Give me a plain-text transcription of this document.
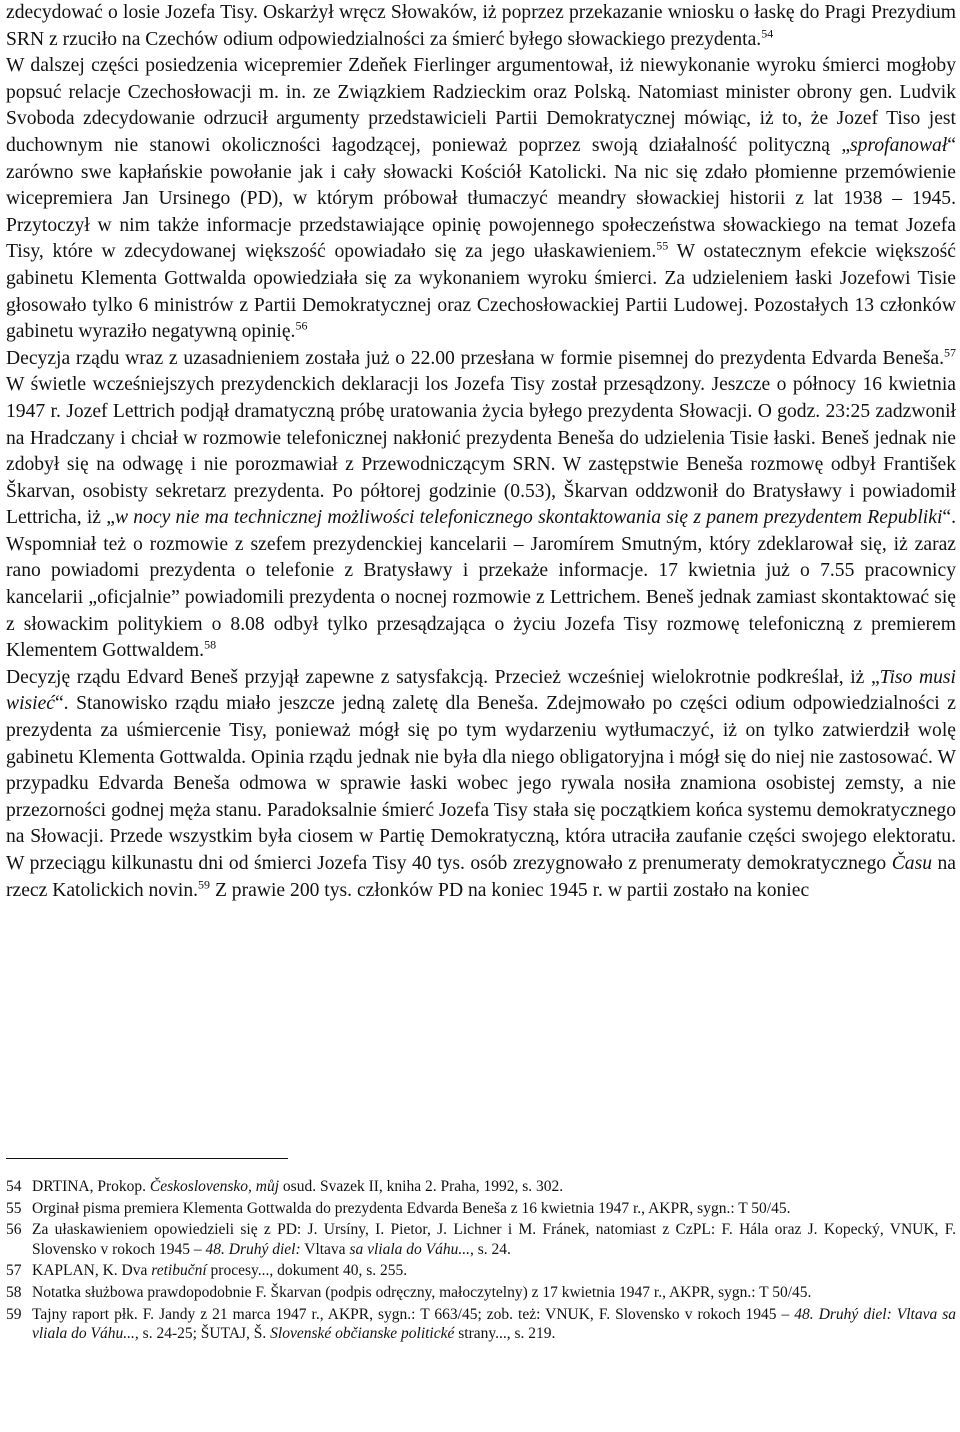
zdecydować o losie Jozefa Tisy. Oskarżył wręcz Słowaków, iż poprzez przekazanie wniosku o łaskę do Pragi Prezydium SRN z rzuciło na Czechów odium odpowiedzialności za śmierć byłego słowackiego prezydenta.$^{54}$
W dalszej części posiedzenia wicepremier Zdeňek Fierlinger argumentował, iż niewykonanie wyroku śmierci mogłoby popsuć relacje Czechosłowacji m. in. ze Związkiem Radzieckim oraz Polską. Natomiast minister obrony gen. Ludvik Svoboda zdecydowanie odrzucił argumenty przedstawicieli Partii Demokratycznej mówiąc, iż to, że Jozef Tiso jest duchownym nie stanowi okoliczności łagodzącej, ponieważ poprzez swoją działalność polityczną „sprofanował“ zarówno swe kapłańskie powołanie jak i cały słowacki Kościół Katolicki. Na nic się zdało płomienne przemówienie wicepremiera Jan Ursinego (PD), w którym próbował tłumaczyć meandry słowackiej historii z lat 1938 – 1945. Przytoczył w nim także informacje przedstawiające opinię powojennego społeczeństwa słowackiego na temat Jozefa Tisy, które w zdecydowanej większość opowiadało się za jego ułaskawieniem.$^{55}$ W ostatecznym efekcie większość gabinetu Klementa Gottwalda opowiedziała się za wykonaniem wyroku śmierci. Za udzieleniem łaski Jozefowi Tisie głosowało tylko 6 ministrów z Partii Demokratycznej oraz Czechosłowackiej Partii Ludowej. Pozostałych 13 członków gabinetu wyraziło negatywną opinię.$^{56}$

Decyzja rządu wraz z uzasadnieniem została już o 22.00 przesłana w formie pisemnej do prezydenta Edvarda Beneša.$^{57}$ W świetle wcześniejszych prezydenckich deklaracji los Jozefa Tisy został przesądzony. Jeszcze o północy 16 kwietnia 1947 r. Jozef Lettrich podjął dramatyczną próbę uratowania życia byłego prezydenta Słowacji. O godz. 23:25 zadzwonił na Hradczany i chciał w rozmowie telefonicznej nakłonić prezydenta Beneša do udzielenia Tisie łaski. Beneš jednak nie zdobył się na odwagę i nie porozmawiał z Przewodniczącym SRN. W zastępstwie Beneša rozmowę odbył František Škarvan, osobisty sekretarz prezydenta. Po półtorej godzinie (0.53), Škarvan oddzwonił do Bratysławy i powiadomił Lettricha, iż „w nocy nie ma technicznej możliwości telefonicznego skontaktowania się z panem prezydentem Republiki“. Wspomniał też o rozmowie z szefem prezydenckiej kancelarii – Jaromírem Smutným, który zdeklarował się, iż zaraz rano powiadomi prezydenta o telefonie z Bratysławy i przekaże informacje. 17 kwietnia już o 7.55 pracownicy kancelarii „oficjalnie” powiadomili prezydenta o nocnej rozmowie z Lettrichem. Beneš jednak zamiast skontaktować się z słowackim politykiem o 8.08 odbył tylko przesądzająca o życiu Jozefa Tisy rozmowę telefoniczną z premierem Klementem Gottwaldem.$^{58}$

Decyzję rządu Edvard Beneš przyjął zapewne z satysfakcją. Przecież wcześniej wielokrotnie podkreślał, iż „Tiso musi wisieć“. Stanowisko rządu miało jeszcze jedną zaletę dla Beneša. Zdejmowało po części odium odpowiedzialności z prezydenta za uśmiercenie Tisy, ponieważ mógł się po tym wydarzeniu wytłumaczyć, iż on tylko zatwierdził wolę gabinetu Klementa Gottwalda. Opinia rządu jednak nie była dla niego obligatoryjna i mógł się do niej nie zastosować. W przypadku Edvarda Beneša odmowa w sprawie łaski wobec jego rywala nosiła znamiona osobistej zemsty, a nie przezorności godnej męża stanu. Paradoksalnie śmierć Jozefa Tisy stała się początkiem końca systemu demokratycznego na Słowacji. Przede wszystkim była ciosem w Partię Demokratyczną, która utraciła zaufanie części swojego elektoratu. W przeciągu kilkunastu dni od śmierci Jozefa Tisy 40 tys. osób zrezygnowało z prenumeraty demokratycznego Času na rzecz Katolickich novin.$^{59}$ Z prawie 200 tys. członków PD na koniec 1945 r. w partii zostało na koniec

54 DRTINA, Prokop. Československo, můj osud. Svazek II, kniha 2. Praha, 1992, s. 302.
55 Orginał pisma premiera Klementa Gottwalda do prezydenta Edvarda Beneša z 16 kwietnia 1947 r., AKPR, sygn.: T 50/45.
56 Za ułaskawieniem opowiedzieli się z PD: J. Ursíny, I. Pietor, J. Lichner i M. Fránek, natomiast z CzPL: F. Hála oraz J. Kopecký, VNUK, F. Slovensko v rokoch 1945 – 48. Druhý diel: Vltava sa vlialа do Váhu..., s. 24.
57 KAPLAN, K. Dva retibuční procesy..., dokument 40, s. 255.
58 Notatka służbowa prawdopodobnie F. Škarvan (podpis odręczny, małoczytelny) z 17 kwietnia 1947 r., AKPR, sygn.: T 50/45.
59 Tajny raport płk. F. Jandy z 21 marca 1947 r., AKPR, sygn.: T 663/45; zob. też: VNUK, F. Slovensko v rokoch 1945 – 48. Druhý diel: Vltava sa vliala do Váhu..., s. 24-25; ŠUTAJ, Š. Slovenské občianske politické strany..., s. 219.
